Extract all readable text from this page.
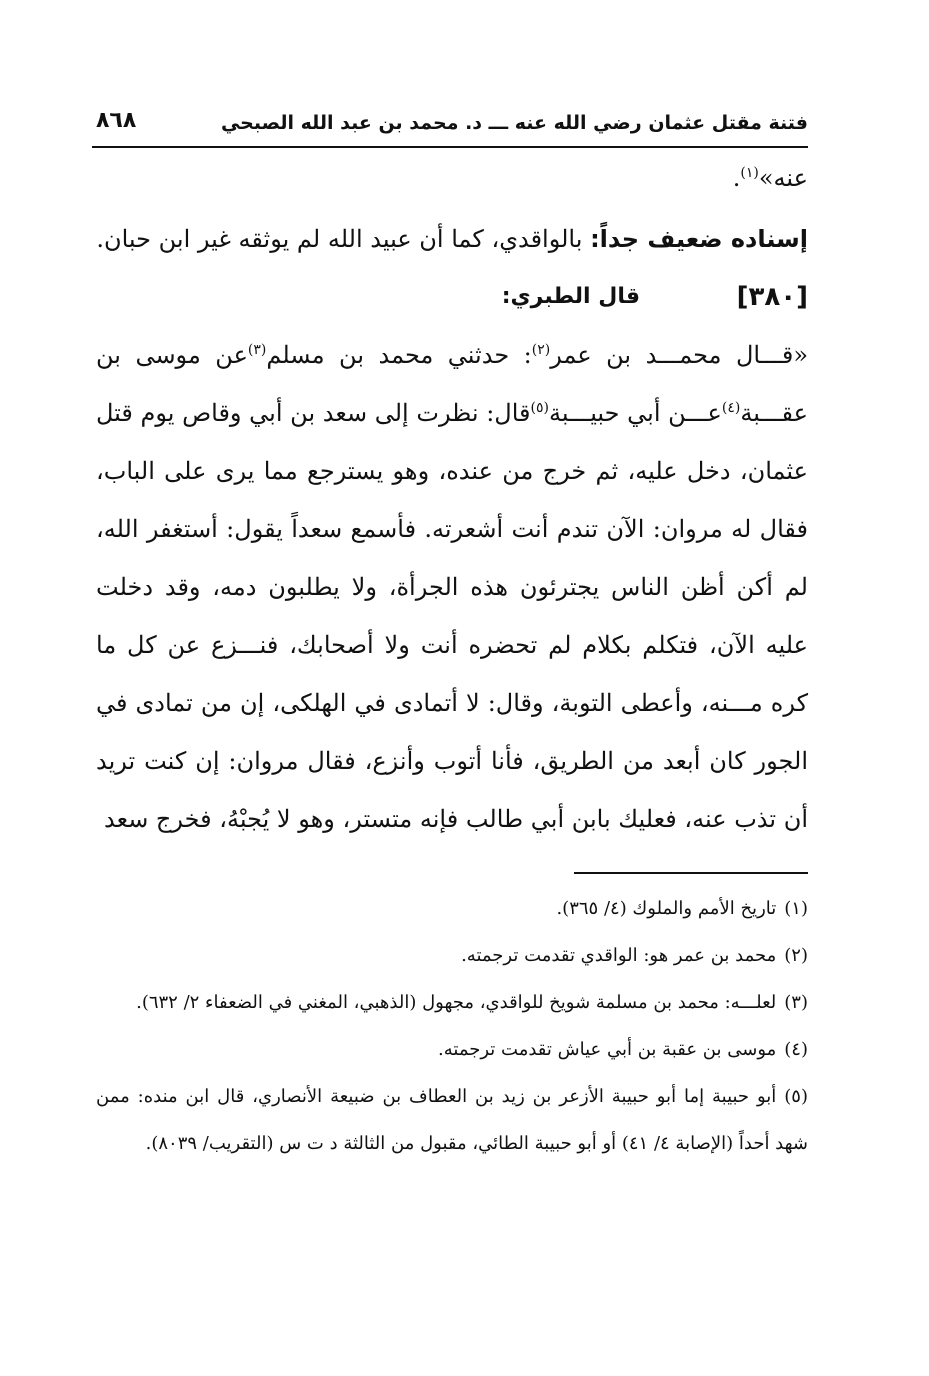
فتنة مقتل عثمان رضي الله عنه ـــ د. محمد بن عبد الله الصبحي
٨٦٨

عنه»$^{(١)}$.

إسناده ضعيف جداً: بالواقدي، كما أن عبيد الله لم يوثقه غير ابن حبان.

[٣٨٠]
قال الطبري:

«قـــال محمـــد بن عمر$^{(٢)}$: حدثني محمد بن مسلم$^{(٣)}$عن موسى بن عقـــبة$^{(٤)}$عـــن أبي حبيـــبة$^{(٥)}$قال: نظرت إلى سعد بن أبي وقاص يوم قتل عثمان، دخل عليه، ثم خرج من عنده، وهو يسترجع مما يرى على الباب، فقال له مروان: الآن تندم أنت أشعرته. فأسمع سعداً يقول: أستغفر الله، لم أكن أظن الناس يجترئون هذه الجرأة، ولا يطلبون دمه، وقد دخلت عليه الآن، فتكلم بكلام لم تحضره أنت ولا أصحابك، فنـــزع عن كل ما كره مـــنه، وأعطى التوبة، وقال: لا أتمادى في الهلكى، إن من تمادى في الجور كان أبعد من الطريق، فأنا أتوب وأنزع، فقال مروان: إن كنت تريد أن تذب عنه، فعليك بابن أبي طالب فإنه متستر، وهو لا يُجبْهُ، فخرج سعد

(١)تاريخ الأمم والملوك (٤/ ٣٦٥).

(٢)محمد بن عمر هو: الواقدي تقدمت ترجمته.

(٣)لعلـــه: محمد بن مسلمة شويخ للواقدي، مجهول (الذهبي، المغني في الضعفاء ٢/ ٦٣٢).

(٤)موسى بن عقبة بن أبي عياش تقدمت ترجمته.

(٥)أبو حبيبة إما أبو حبيبة الأزعر بن زيد بن العطاف بن ضبيعة الأنصاري، قال ابن منده: ممن شهد أحداً (الإصابة ٤/ ٤١) أو أبو حبيبة الطائي، مقبول من الثالثة د ت س (التقريب/ ٨٠٣٩).
